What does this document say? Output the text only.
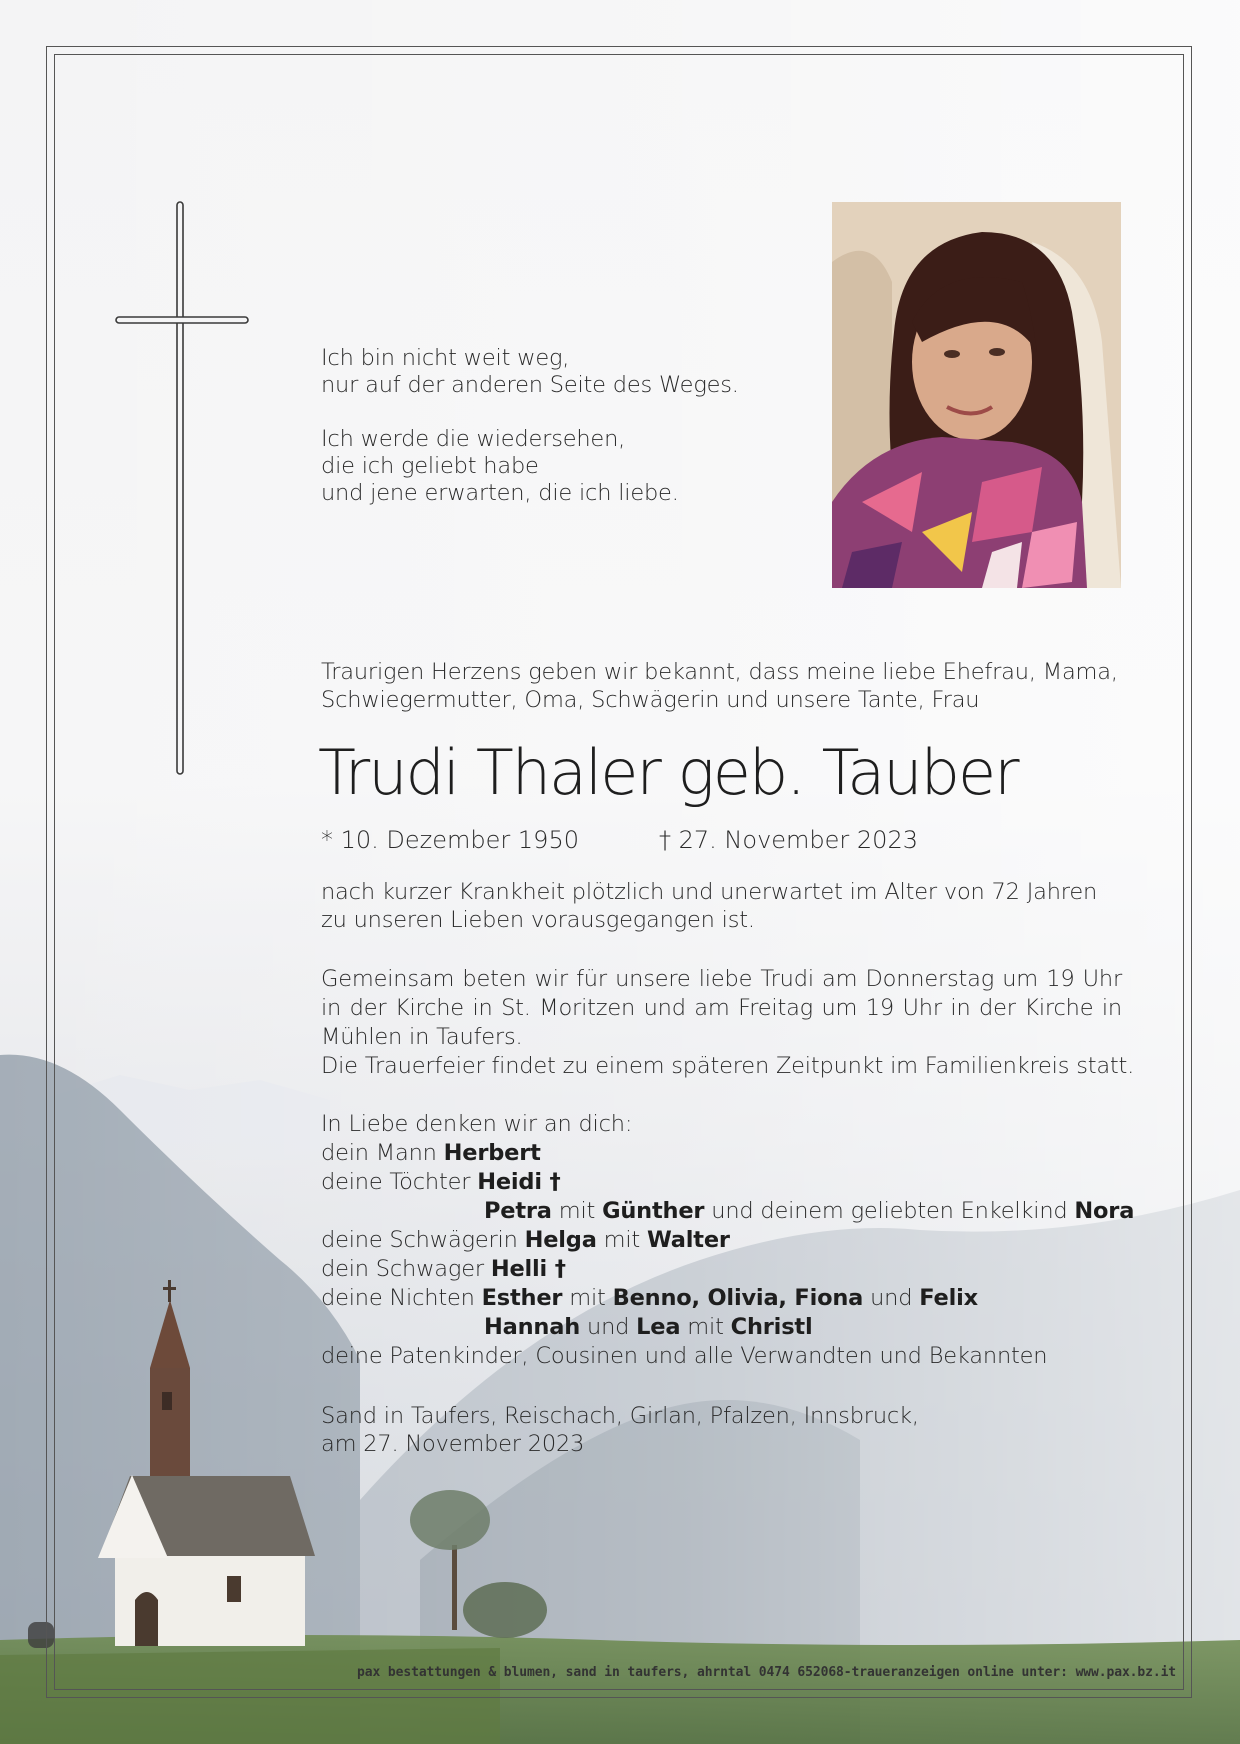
Ich bin nicht weit weg,
nur auf der anderen Seite des Weges.
Ich werde die wiedersehen,
die ich geliebt habe
und jene erwarten, die ich liebe.
Traurigen Herzens geben wir bekannt, dass meine liebe Ehefrau, Mama,
Schwiegermutter, Oma, Schwägerin und unsere Tante, Frau
Trudi Thaler geb. Tauber
* 10. Dezember 1950	† 27. November 2023
nach kurzer Krankheit plötzlich und unerwartet im Alter von 72 Jahren
zu unseren Lieben vorausgegangen ist.
Gemeinsam beten wir für unsere liebe Trudi am Donnerstag um 19 Uhr in der Kirche in St. Moritzen und am Freitag um 19 Uhr in der Kirche in Mühlen in Taufers.
Die Trauerfeier findet zu einem späteren Zeitpunkt im Familienkreis statt.
In Liebe denken wir an dich:
dein Mann Herbert
deine Töchter Heidi †
Petra mit Günther und deinem geliebten Enkelkind Nora
deine Schwägerin Helga mit Walter
dein Schwager Helli †
deine Nichten Esther mit Benno, Olivia, Fiona und Felix
Hannah und Lea mit Christl
deine Patenkinder, Cousinen und alle Verwandten und Bekannten
Sand in Taufers, Reischach, Girlan, Pfalzen, Innsbruck,
am 27. November 2023
pax bestattungen & blumen, sand in taufers, ahrntal 0474 652068-traueranzeigen online unter: www.pax.bz.it
